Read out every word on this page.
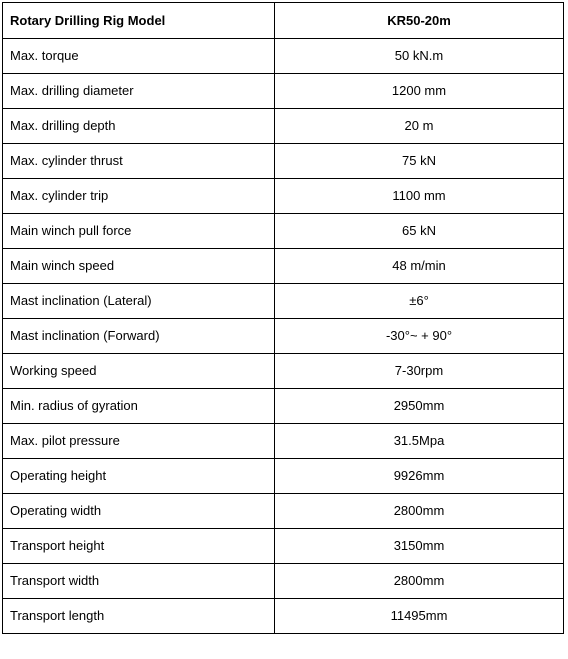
Rotary Drilling Rig Model	KR50-20m
Max. torque	50 kN.m
Max. drilling diameter	1200 mm
Max. drilling depth	20 m
Max. cylinder thrust	75 kN
Max. cylinder trip	1100 mm
Main winch pull force	65 kN
Main winch speed	48 m/min
Mast inclination (Lateral)	±6°
Mast inclination (Forward)	-30°~ + 90°
Working speed	7-30rpm
Min. radius of gyration	2950mm
Max. pilot pressure	31.5Mpa
Operating height	9926mm
Operating width	2800mm
Transport height	3150mm
Transport width	2800mm
Transport length	11495mm
